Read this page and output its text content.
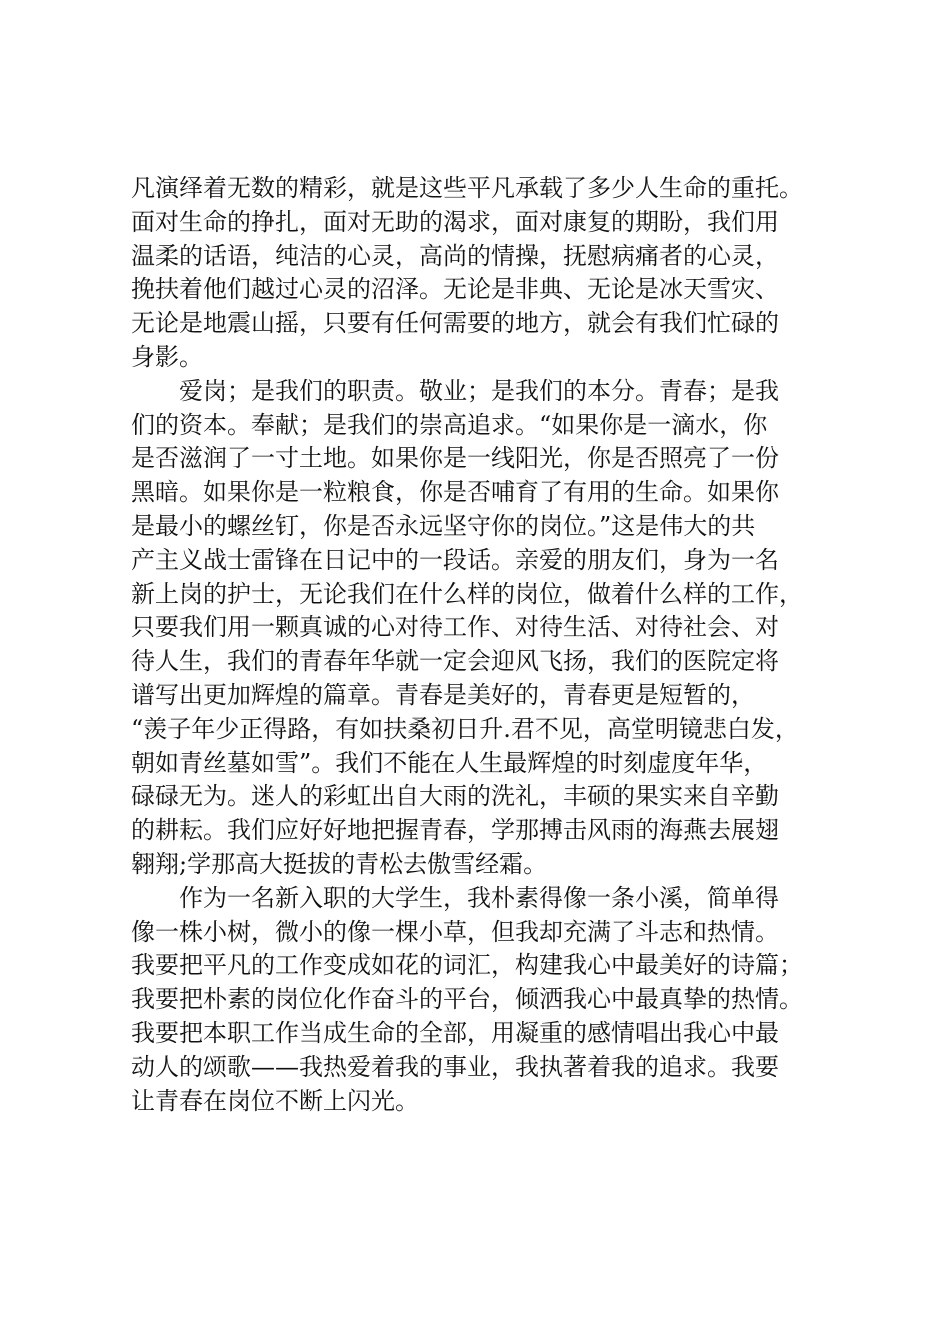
凡演绎着无数的精彩，就是这些平凡承载了多少人生命的重托。
面对生命的挣扎，面对无助的渴求，面对康复的期盼，我们用
温柔的话语，纯洁的心灵，高尚的情操，抚慰病痛者的心灵，
挽扶着他们越过心灵的沼泽。无论是非典、无论是冰天雪灾、
无论是地震山摇，只要有任何需要的地方，就会有我们忙碌的
身影。
爱岗；是我们的职责。敬业；是我们的本分。青春；是我
们的资本。奉献；是我们的崇高追求。“如果你是一滴水，你
是否滋润了一寸土地。如果你是一线阳光，你是否照亮了一份
黑暗。如果你是一粒粮食，你是否哺育了有用的生命。如果你
是最小的螺丝钉，你是否永远坚守你的岗位。”这是伟大的共
产主义战士雷锋在日记中的一段话。亲爱的朋友们，身为一名
新上岗的护士，无论我们在什么样的岗位，做着什么样的工作，
只要我们用一颗真诚的心对待工作、对待生活、对待社会、对
待人生，我们的青春年华就一定会迎风飞扬，我们的医院定将
谱写出更加辉煌的篇章。青春是美好的，青春更是短暂的，
“羡子年少正得路，有如扶桑初日升.君不见，高堂明镜悲白发，
朝如青丝墓如雪”。我们不能在人生最辉煌的时刻虚度年华，
碌碌无为。迷人的彩虹出自大雨的洗礼，丰硕的果实来自辛勤
的耕耘。我们应好好地把握青春，学那搏击风雨的海燕去展翅
翱翔;学那高大挺拔的青松去傲雪经霜。
作为一名新入职的大学生，我朴素得像一条小溪，简单得
像一株小树，微小的像一棵小草，但我却充满了斗志和热情。
我要把平凡的工作变成如花的词汇，构建我心中最美好的诗篇；
我要把朴素的岗位化作奋斗的平台，倾洒我心中最真挚的热情。
我要把本职工作当成生命的全部，用凝重的感情唱出我心中最
动人的颂歌——我热爱着我的事业，我执著着我的追求。我要
让青春在岗位不断上闪光。
